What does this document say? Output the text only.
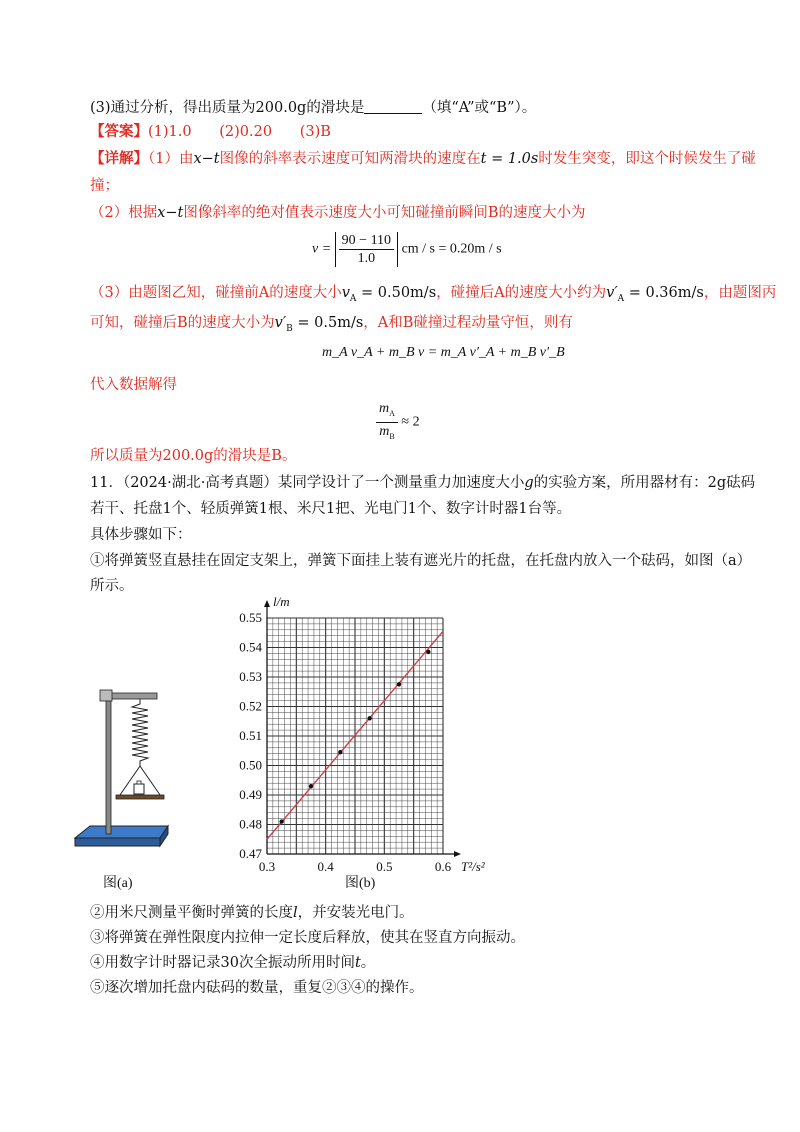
(3)通过分析，得出质量为200.0g的滑块是	（填“A”或“B”）。
【答案】(1)1.0      (2)0.20      (3)B
【详解】（1）由x−t图像的斜率表示速度可知两滑块的速度在t = 1.0s时发生突变，即这个时候发生了碰
撞；
（2）根据x−t图像斜率的绝对值表示速度大小可知碰撞前瞬间B的速度大小为
$v = \frac{90 - 110}{1.0}$ cm / s = 0.20m / s
（3）由题图乙知，碰撞前A的速度大小$v_A = 0.50m/s$，碰撞后A的速度大小约为$v'_A = 0.36m/s$，由题图丙
可知，碰撞后B的速度大小为$v'_B = 0.5m/s$，A和B碰撞过程动量守恒，则有
m_A v_A + m_B v = m_A v′_A + m_B v′_B
代入数据解得
$\frac{m_A}{m_B} \approx 2$
所以质量为200.0g的滑块是B。
11．（2024·湖北·高考真题）某同学设计了一个测量重力加速度大小g的实验方案，所用器材有：2g砝码
若干、托盘1个、轻质弹簧1根、米尺1把、光电门1个、数字计时器1台等。
具体步骤如下：
①将弹簧竖直悬挂在固定支架上，弹簧下面挂上装有遮光片的托盘，在托盘内放入一个砝码，如图（a）
所示。
图(a)
0.3	0.4	0.5	0.6
0.47
0.48
0.49
0.50
0.51
0.52
0.53
0.54
0.55
l/m
T²/s²
图(b)
②用米尺测量平衡时弹簧的长度l，并安装光电门。
③将弹簧在弹性限度内拉伸一定长度后释放，使其在竖直方向振动。
④用数字计时器记录30次全振动所用时间t。
⑤逐次增加托盘内砝码的数量，重复②③④的操作。
